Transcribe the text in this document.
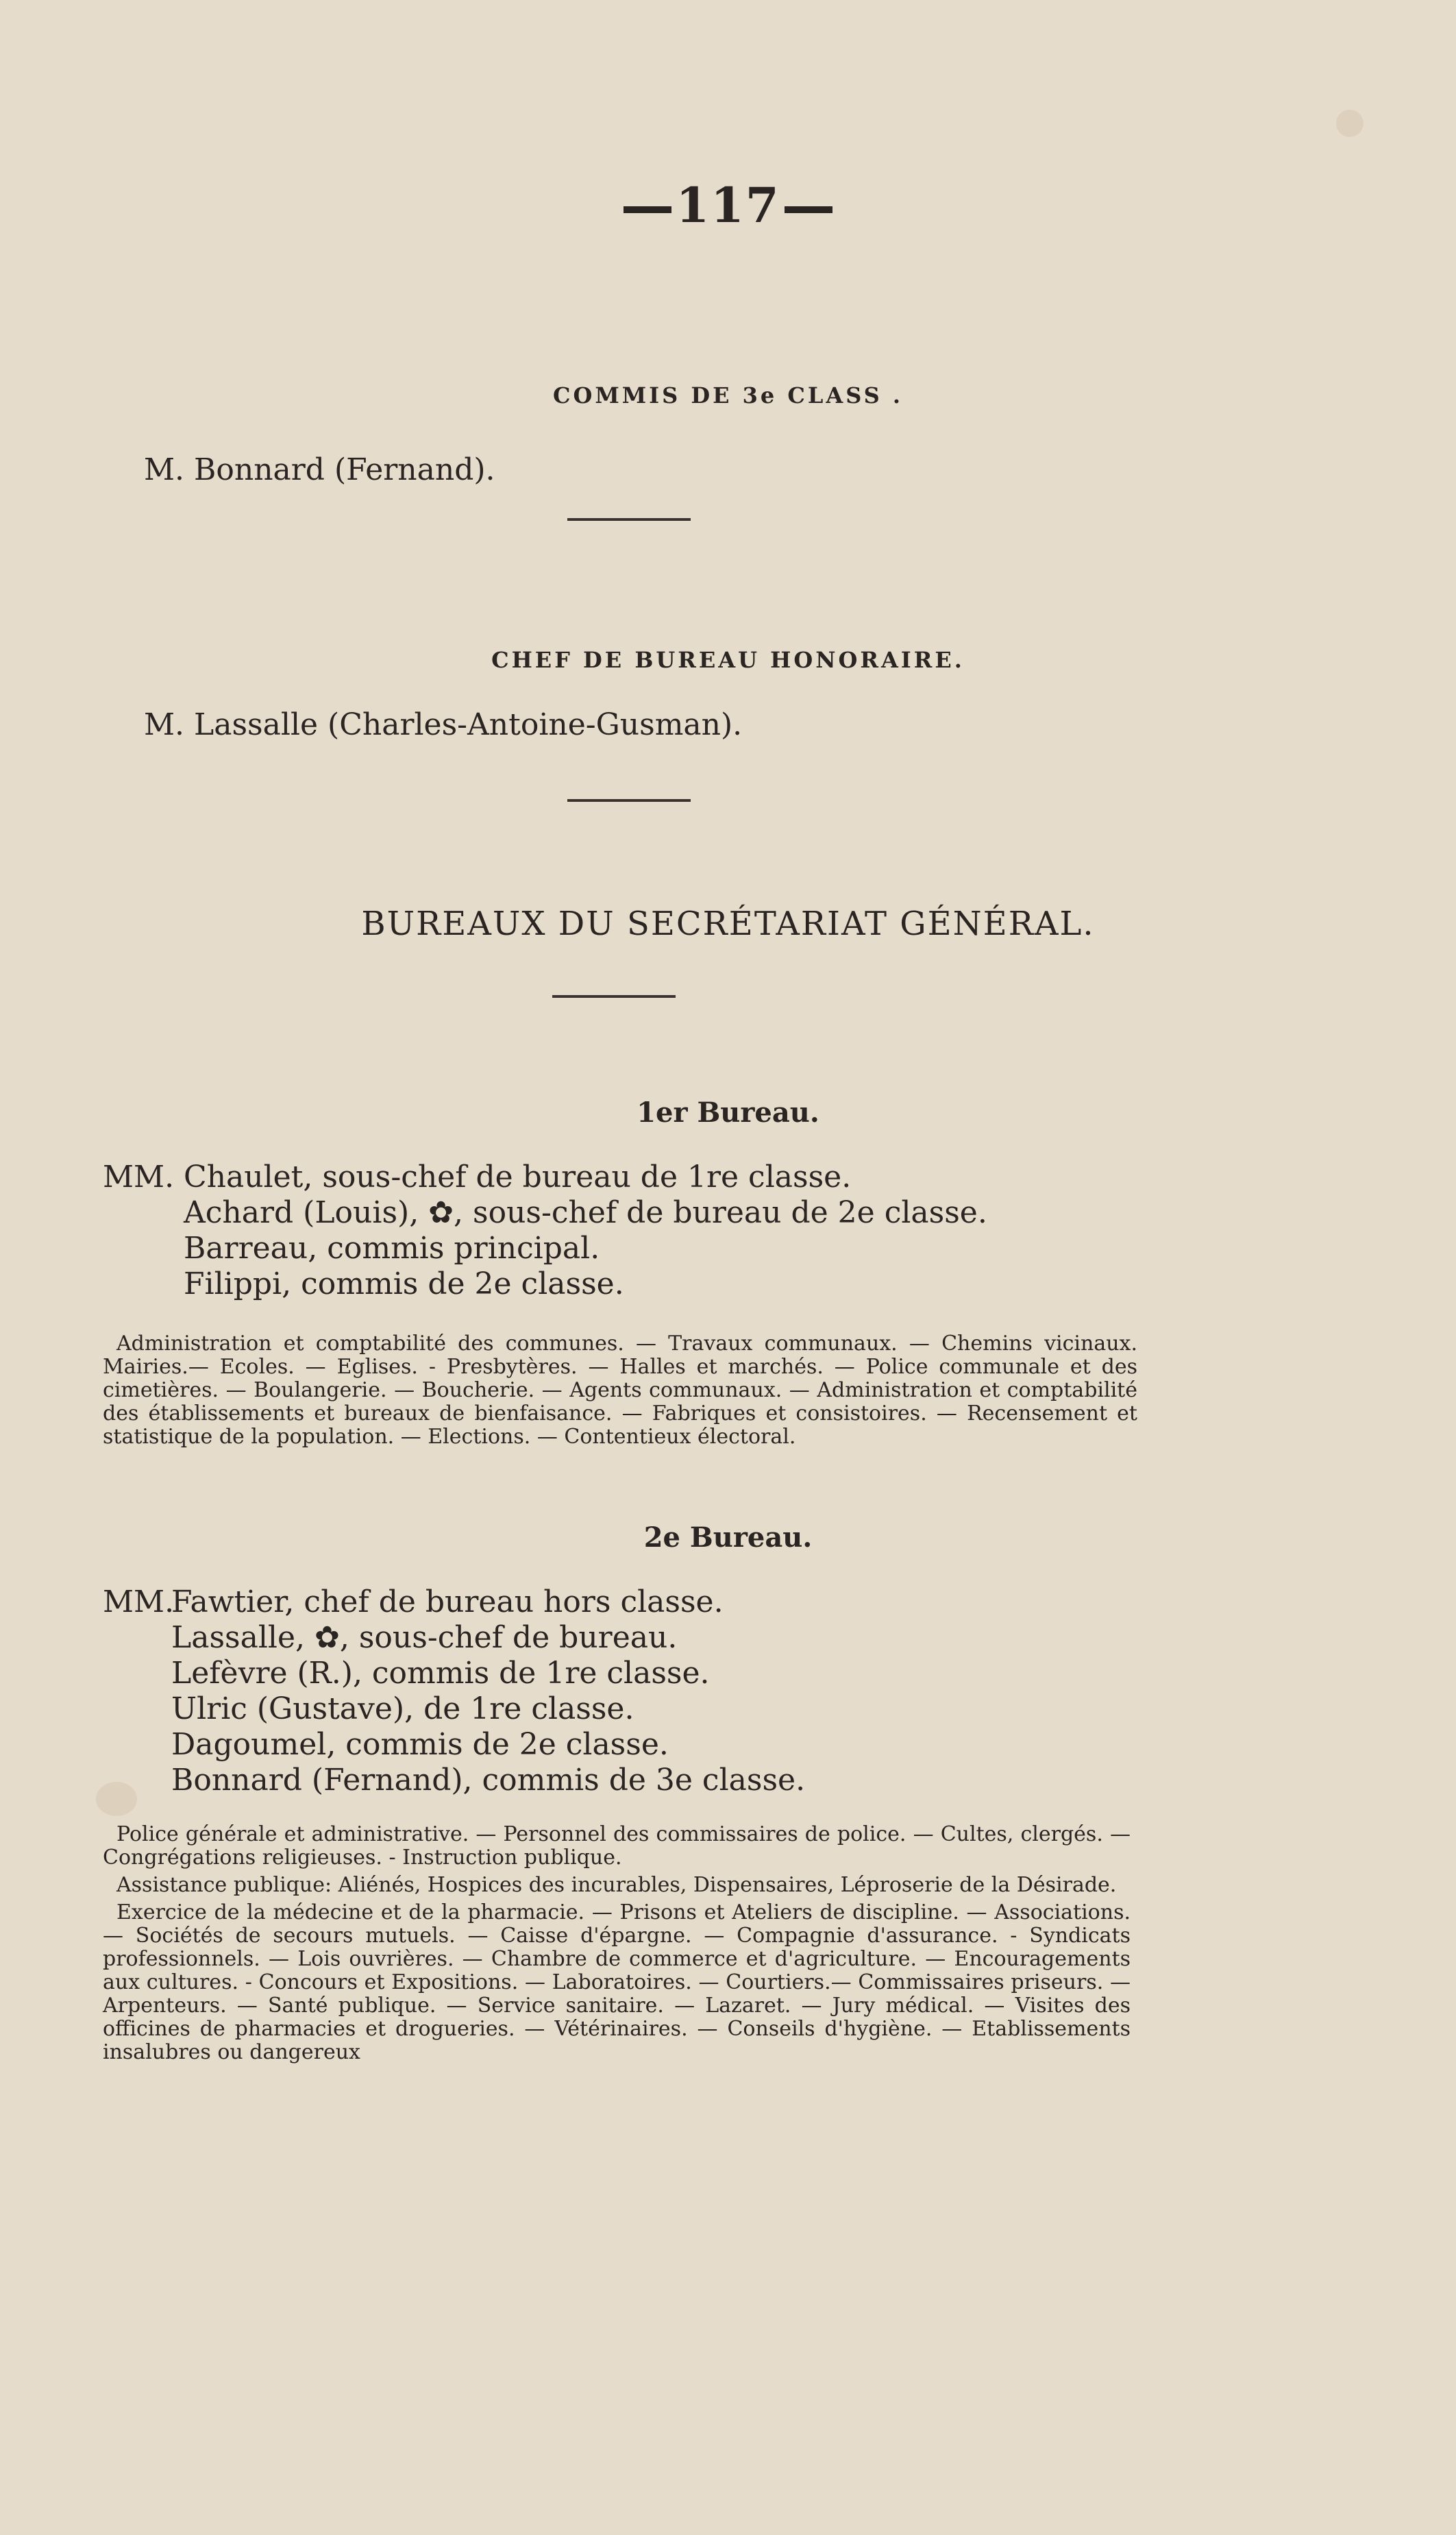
117
COMMIS DE 3e CLASS .
M. Bonnard (Fernand).
CHEF DE BUREAU HONORAIRE.
M. Lassalle (Charles-Antoine-Gusman).
BUREAUX DU SECRÉTARIAT GÉNÉRAL.
1er Bureau.
MM. Chaulet, sous-chef de bureau de 1re classe.
Achard (Louis), ✿, sous-chef de bureau de 2e classe.
Barreau, commis principal.
Filippi, commis de 2e classe.

Administration et comptabilité des communes. — Travaux communaux. — Chemins vicinaux. Mairies.— Ecoles. — Eglises. - Presbytères. — Halles et marchés. — Police communale et des cimetières. — Boulangerie. — Boucherie. — Agents communaux. — Administration et comptabilité des établissements et bureaux de bienfaisance. — Fabriques et consistoires. — Recensement et statistique de la population. — Elections. — Contentieux électoral.

2e Bureau.
MM.
Fawtier, chef de bureau hors classe.
Lassalle, ✿, sous-chef de bureau.
Lefèvre (R.), commis de 1re classe.
Ulric (Gustave), de 1re classe.
Dagoumel, commis de 2e classe.
Bonnard (Fernand), commis de 3e classe.

Police générale et administrative. — Personnel des commissaires de police. — Cultes, clergés. — Congrégations religieuses. - Instruction publique.

Assistance publique: Aliénés, Hospices des incurables, Dispensaires, Léproserie de la Désirade.

Exercice de la médecine et de la pharmacie. — Prisons et Ateliers de discipline. — Associations. — Sociétés de secours mutuels. — Caisse d'épargne. — Compagnie d'assurance. - Syndicats professionnels. — Lois ouvrières. — Chambre de commerce et d'agriculture. — Encouragements aux cultures. - Concours et Expositions. — Laboratoires. — Courtiers.— Commissaires priseurs. — Arpenteurs. — Santé publique. — Service sanitaire. — Lazaret. — Jury médical. — Visites des officines de pharmacies et drogueries. — Vétérinaires. — Conseils d'hygiène. — Etablissements insalubres ou dangereux
